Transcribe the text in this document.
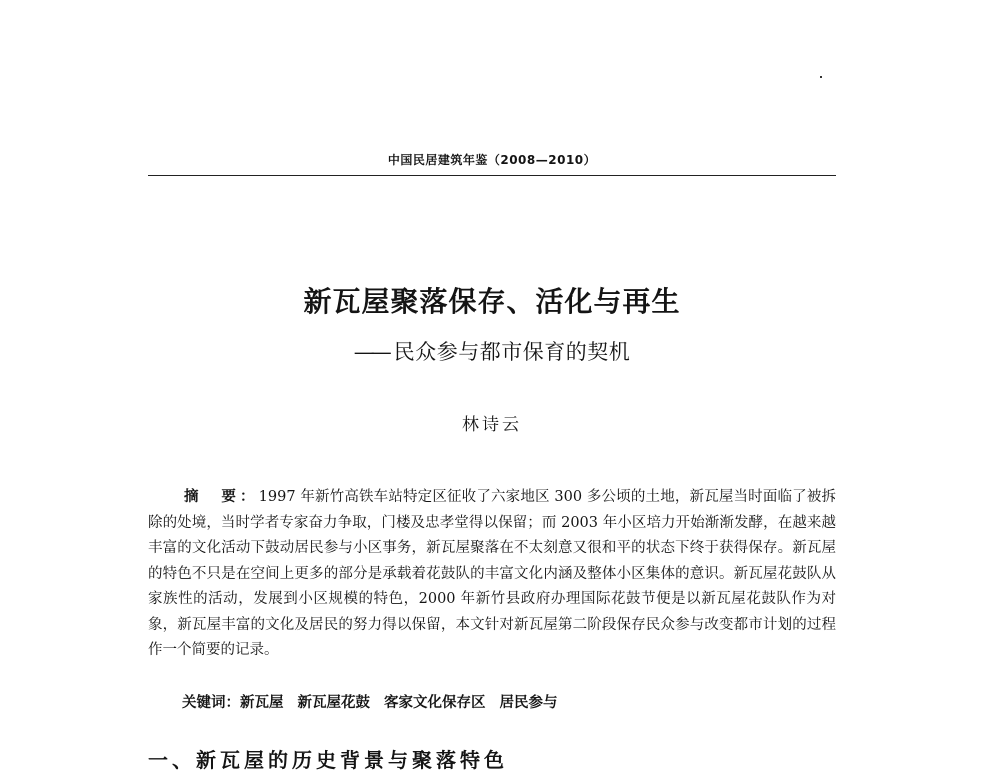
中国民居建筑年鉴（2008—2010）
新瓦屋聚落保存、活化与再生
—— 民众参与都市保育的契机
林诗云
摘　要：1997 年新竹高铁车站特定区征收了六家地区 300 多公顷的土地，新瓦屋当时面临了被拆除的处境，当时学者专家奋力争取，门楼及忠孝堂得以保留；而 2003 年小区培力开始渐渐发酵，在越来越丰富的文化活动下鼓动居民参与小区事务，新瓦屋聚落在不太刻意又很和平的状态下终于获得保存。新瓦屋的特色不只是在空间上更多的部分是承载着花鼓队的丰富文化内涵及整体小区集体的意识。新瓦屋花鼓队从家族性的活动，发展到小区规模的特色，2000 年新竹县政府办理国际花鼓节便是以新瓦屋花鼓队作为对象，新瓦屋丰富的文化及居民的努力得以保留，本文针对新瓦屋第二阶段保存民众参与改变都市计划的过程作一个简要的记录。
关键词：新瓦屋 新瓦屋花鼓 客家文化保存区 居民参与
一、新瓦屋的历史背景与聚落特色
